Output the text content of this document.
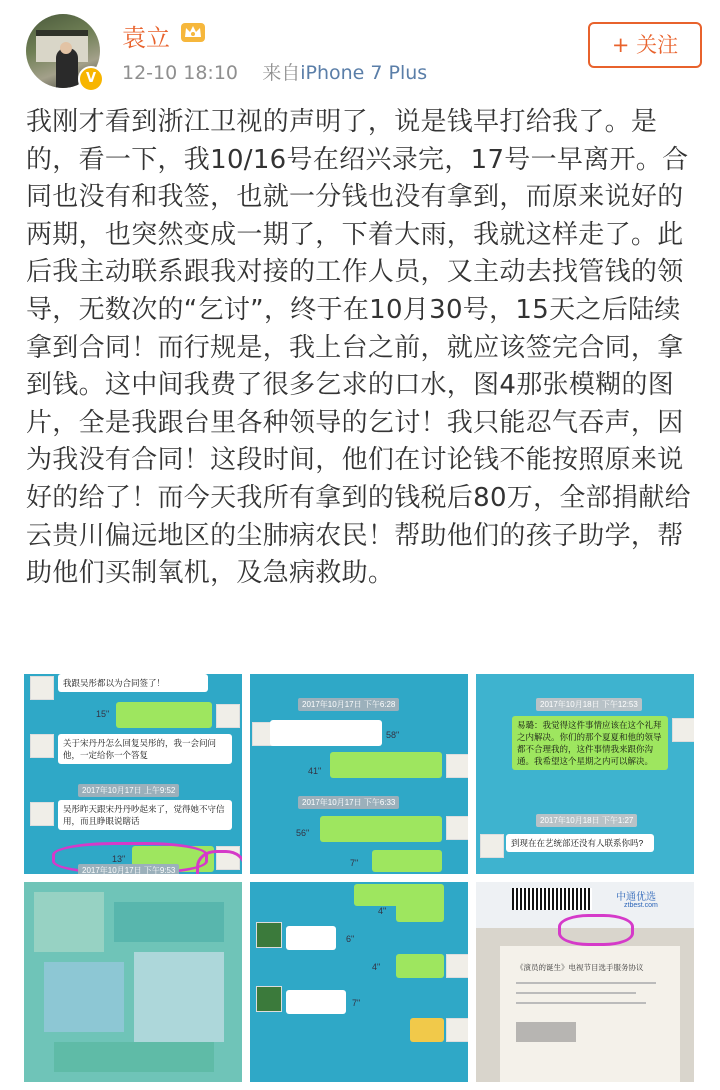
V
袁立
12-10 18:10 来自iPhone 7 Plus
+ 关注
我刚才看到浙江卫视的声明了，说是钱早打给我了。是的，看一下，我10/16号在绍兴录完，17号一早离开。合同也没有和我签，也就一分钱也没有拿到，而原来说好的两期，也突然变成一期了，下着大雨，我就这样走了。此后我主动联系跟我对接的工作人员，又主动去找管钱的领导，无数次的“乞讨”，终于在10月30号，15天之后陆续拿到合同！而行规是，我上台之前，就应该签完合同，拿到钱。这中间我费了很多乞求的口水，图4那张模糊的图片，全是我跟台里各种领导的乞讨！我只能忍气吞声，因为我没有合同！这段时间，他们在讨论钱不能按照原来说好的给了！而今天我所有拿到的钱税后80万，全部捐献给云贵川偏远地区的尘肺病农民！帮助他们的孩子助学，帮助他们买制氧机，及急病救助。
我跟吴彤都以为合同签了！
15"
关于宋丹丹怎么回复吴彤的，我一会问问他，一定给你一个答复
2017年10月17日 上午9:52
吴彤昨天跟宋丹丹吵起来了，觉得她不守信用，而且睁眼说瞎话
13"
2017年10月17日 下午9:53
2017年10月17日 下午6:28
58"
41"
2017年10月17日 下午6:33
56"
7"
2017年10月18日 下午12:53
易璐：我觉得这件事情应该在这个礼拜之内解决。你们的那个夏夏和他的领导都不合理我的，这件事情我来跟你沟通。我希望这个星期之内可以解决。
2017年10月18日 下午1:27
到现在在艺统部还没有人联系你吗?
4"
6"
4"
7"
中通优选
ztbest.com
《演员的诞生》电视节目选手服务协议
